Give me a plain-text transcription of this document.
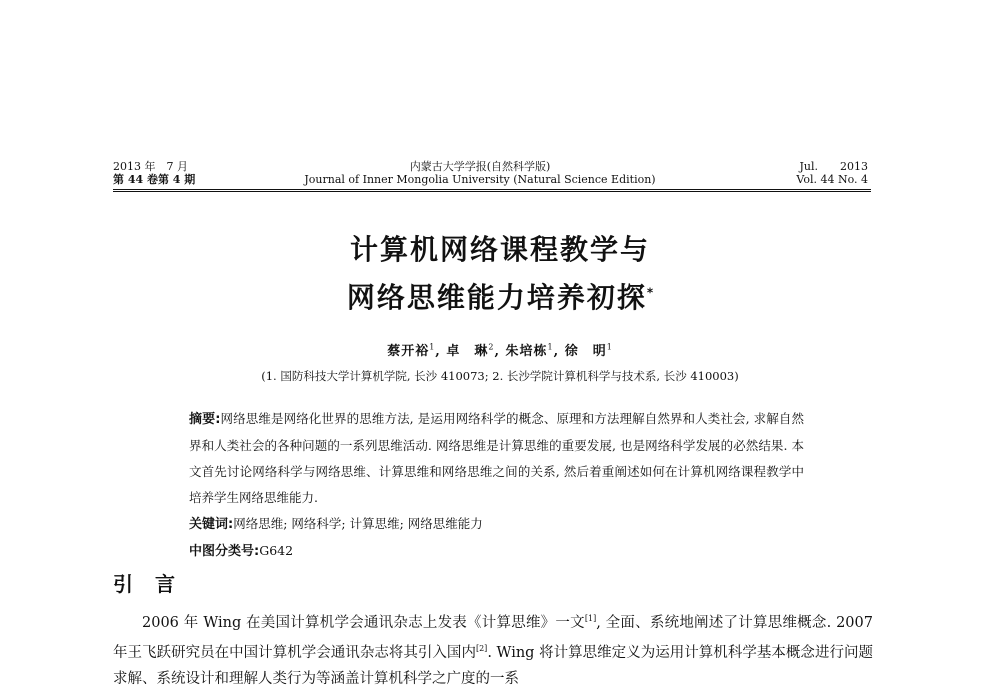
2013 年　7 月
第 44 卷第 4 期
内蒙古大学学报(自然科学版)
Journal of Inner Mongolia University (Natural Science Edition)
Jul.　　2013
Vol. 44 No. 4
计算机网络课程教学与
网络思维能力培养初探*
蔡开裕$^1$, 卓　琳$^2$, 朱培栋$^1$, 徐　明$^1$
(1. 国防科技大学计算机学院, 长沙 410073; 2. 长沙学院计算机科学与技术系, 长沙 410003)

摘要:网络思维是网络化世界的思维方法, 是运用网络科学的概念、原理和方法理解自然界和人类社会, 求解自然界和人类社会的各种问题的一系列思维活动. 网络思维是计算思维的重要发展, 也是网络科学发展的必然结果. 本文首先讨论网络科学与网络思维、计算思维和网络思维之间的关系, 然后着重阐述如何在计算机网络课程教学中培养学生网络思维能力.

关键词:网络思维; 网络科学; 计算思维; 网络思维能力

中图分类号:G642

引言

2006 年 Wing 在美国计算机学会通讯杂志上发表《计算思维》一文[1], 全面、系统地阐述了计算思维概念. 2007 年王飞跃研究员在中国计算机学会通讯杂志将其引入国内[2]. Wing 将计算思维定义为运用计算机科学基本概念进行问题求解、系统设计和理解人类行为等涵盖计算机科学之广度的一系
